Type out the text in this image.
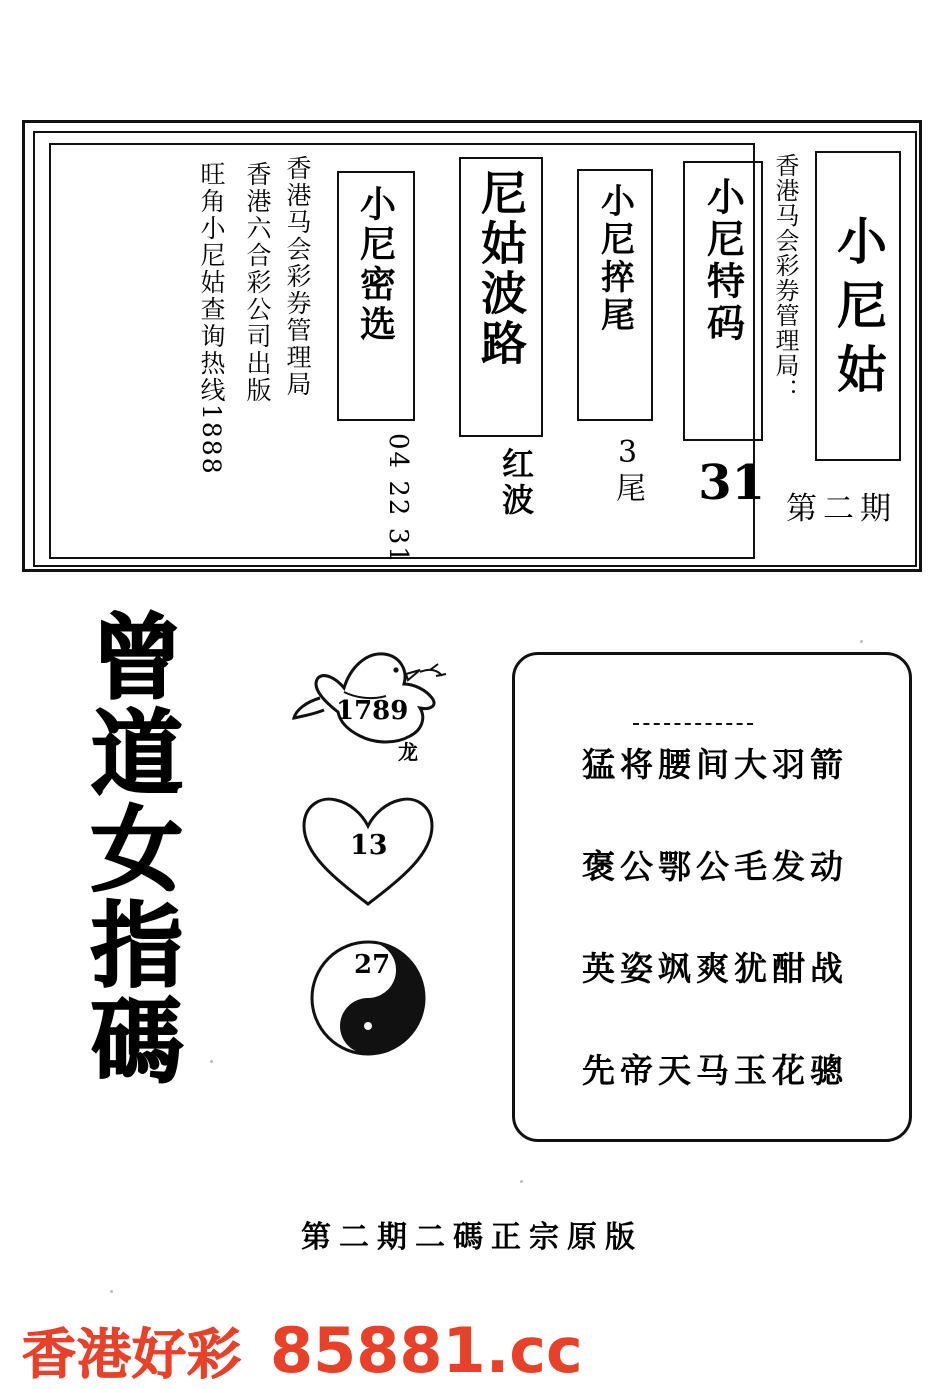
小尼姑
香港马会彩券管理局：
第二期
小尼特码
31
小尼捽尾
3尾
尼姑波路
红波
小尼密选
04 22 31
香港马会彩券管理局
香港六合彩公司出版
旺角小尼姑查询热线1888
曾
道
女
指
碼
1789
龙
13
27
猛将腰间大羽箭
褒公鄂公毛发动
英姿飒爽犹酣战
先帝天马玉花骢
第二期二碼正宗原版
香港好彩 85881.cc
